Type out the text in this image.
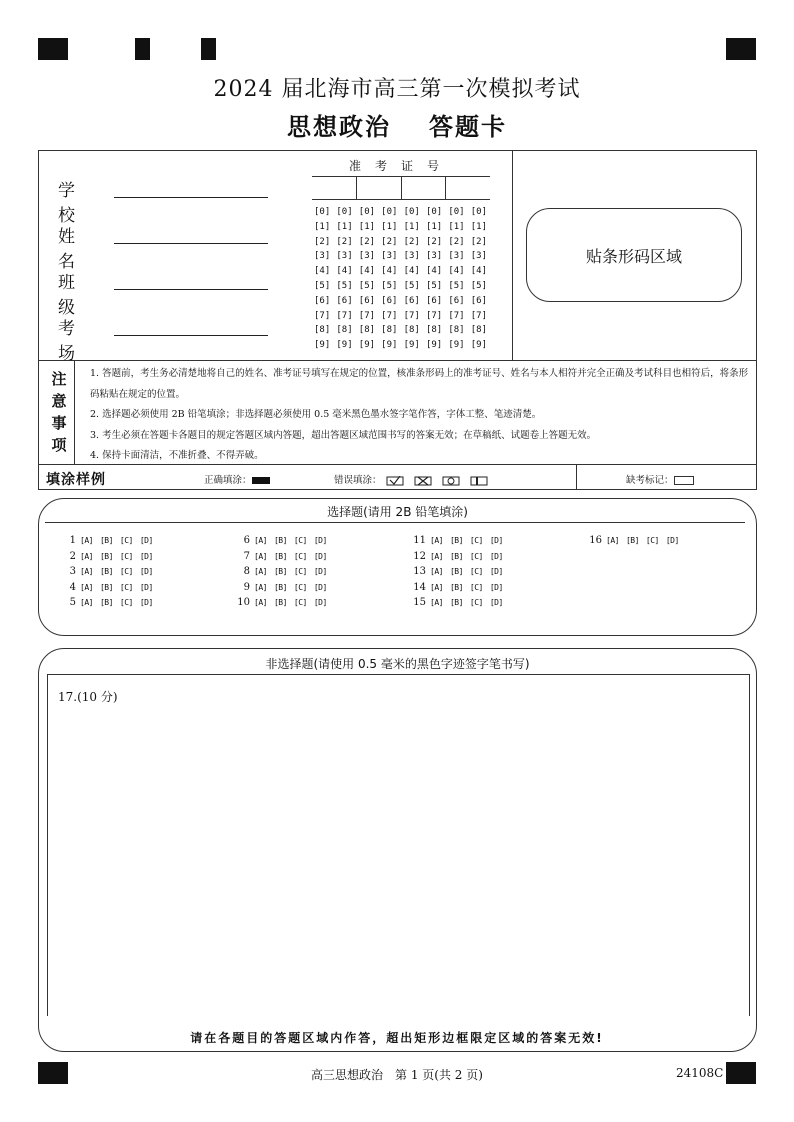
2024 届北海市高三第一次模拟考试
思想政治 答题卡
学校
姓名
班级
考场
准考证号
[0] [0] [0] [0] [0] [0] [0] [0]
[1] [1] [1] [1] [1] [1] [1] [1]
[2] [2] [2] [2] [2] [2] [2] [2]
[3] [3] [3] [3] [3] [3] [3] [3]
[4] [4] [4] [4] [4] [4] [4] [4]
[5] [5] [5] [5] [5] [5] [5] [5]
[6] [6] [6] [6] [6] [6] [6] [6]
[7] [7] [7] [7] [7] [7] [7] [7]
[8] [8] [8] [8] [8] [8] [8] [8]
[9] [9] [9] [9] [9] [9] [9] [9]
贴条形码区域
注
意
事
项

1. 答题前，考生务必清楚地将自己的姓名、准考证号填写在规定的位置，核准条形码上的准考证号、姓名与本人相符并完全正确及考试科目也相符后，将条形码粘贴在规定的位置。

2. 选择题必须使用 2B 铅笔填涂；非选择题必须使用 0.5 毫米黑色墨水签字笔作答，字体工整、笔迹清楚。

3. 考生必须在答题卡各题目的规定答题区域内答题，超出答题区域范围书写的答案无效；在草稿纸、试题卷上答题无效。

4. 保持卡面清洁，不准折叠、不得弄破。

填涂样例	正确填涂：	错误填涂：	缺考标记：
选择题(请用 2B 铅笔填涂)
1 [A] [B] [C] [D]
2 [A] [B] [C] [D]
3 [A] [B] [C] [D]
4 [A] [B] [C] [D]
5 [A] [B] [C] [D]
6 [A] [B] [C] [D]
7 [A] [B] [C] [D]
8 [A] [B] [C] [D]
9 [A] [B] [C] [D]
10 [A] [B] [C] [D]
11 [A] [B] [C] [D]
12 [A] [B] [C] [D]
13 [A] [B] [C] [D]
14 [A] [B] [C] [D]
15 [A] [B] [C] [D]
16 [A] [B] [C] [D]
非选择题(请使用 0.5 毫米的黑色字迹签字笔书写)
17.(10 分)
请在各题目的答题区域内作答，超出矩形边框限定区域的答案无效!
高三思想政治　第 1 页(共 2 页)	24108C
